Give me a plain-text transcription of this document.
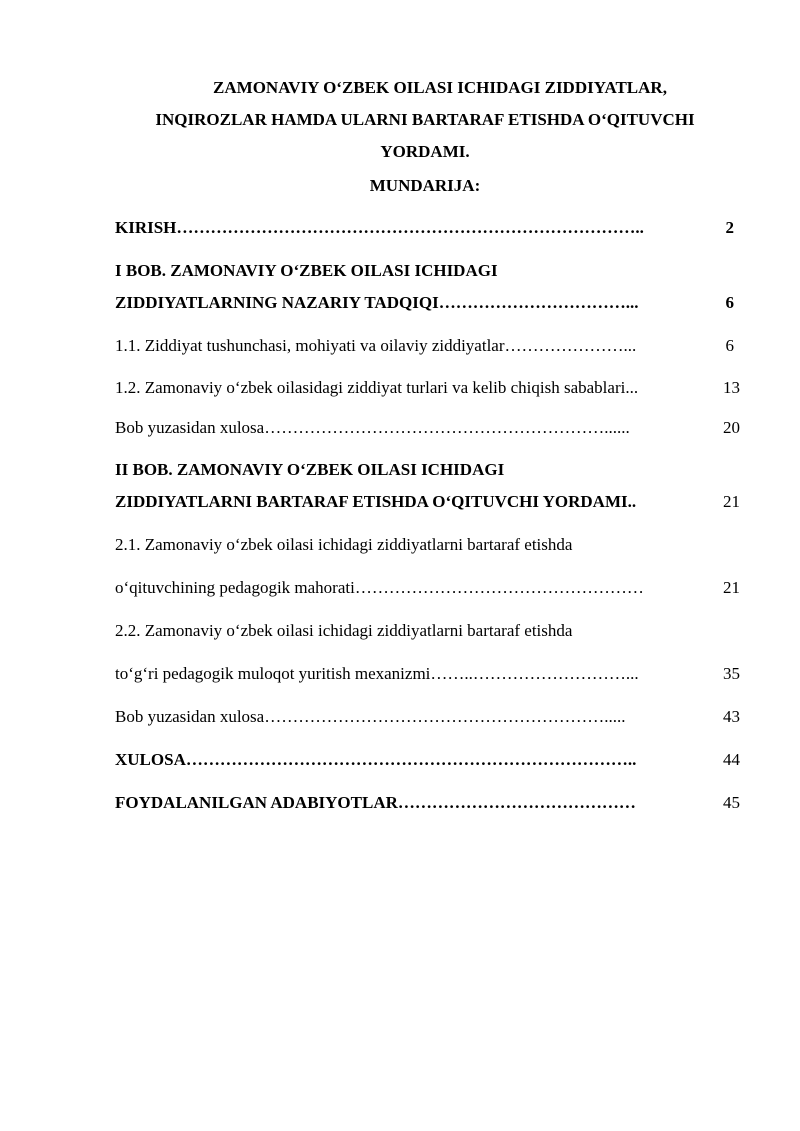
ZAMONAVIY O‘ZBEK OILASI ICHIDAGI ZIDDIYATLAR,
INQIROZLAR HAMDA ULARNI BARTARAF ETISHDA O‘QITUVCHI
YORDAMI.
MUNDARIJA:
KIRISH………………………………………………………………………..	2
I BOB. ZAMONAVIY O‘ZBEK OILASI ICHIDAGI
ZIDDIYATLARNING NAZARIY TADQIQI……………………………...	6
1.1. Ziddiyat tushunchasi, mohiyati va oilaviy ziddiyatlar…………………...	6
1.2. Zamonaviy o‘zbek oilasidagi ziddiyat turlari va kelib chiqish sabablari...	13
Bob yuzasidan xulosa……………………………………………………......	20
II BOB. ZAMONAVIY O‘ZBEK OILASI ICHIDAGI
ZIDDIYATLARNI BARTARAF ETISHDA O‘QITUVCHI YORDAMI..	21
2.1. Zamonaviy o‘zbek oilasi ichidagi ziddiyatlarni bartaraf etishda
o‘qituvchining pedagogik mahorati……………………………………………	21
2.2. Zamonaviy o‘zbek oilasi ichidagi ziddiyatlarni bartaraf etishda
to‘g‘ri pedagogik muloqot yuritish mexanizmi……..………………………...	35
Bob yuzasidan xulosa…………………………………………………….....	43
XULOSA……………………………………………………………………..	44
FOYDALANILGAN ADABIYOTLAR……………………………………	45
